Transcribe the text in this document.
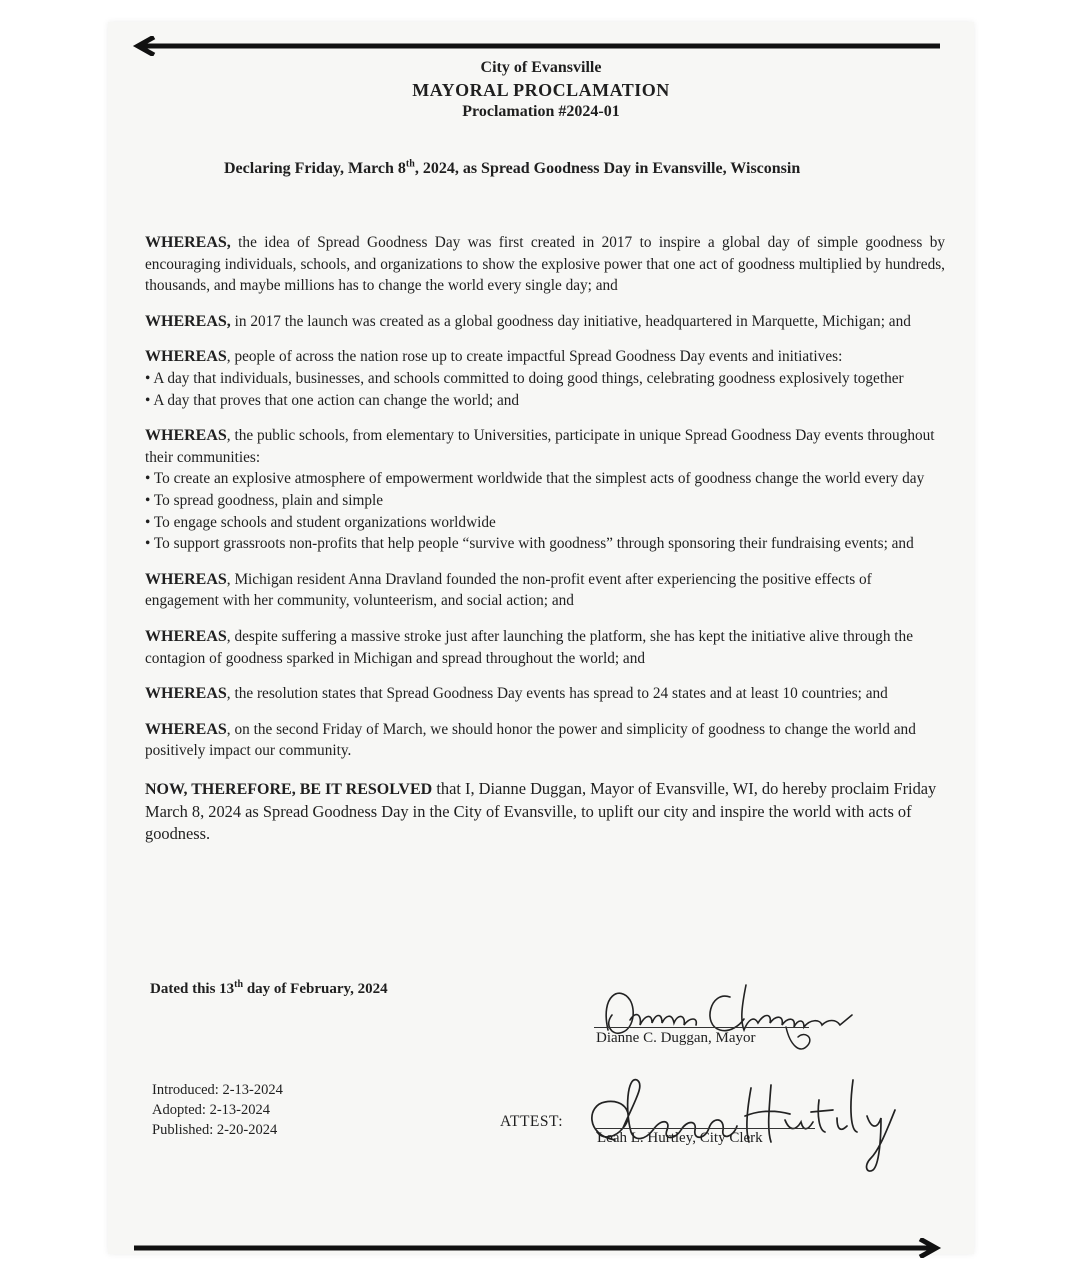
City of Evansville
MAYORAL PROCLAMATION
Proclamation #2024-01
Declaring Friday, March 8th, 2024, as Spread Goodness Day in Evansville, Wisconsin

WHEREAS, the idea of Spread Goodness Day was first created in 2017 to inspire a global day of simple goodness by encouraging individuals, schools, and organizations to show the explosive power that one act of goodness multiplied by hundreds, thousands, and maybe millions has to change the world every single day; and

WHEREAS, in 2017 the launch was created as a global goodness day initiative, headquartered in Marquette, Michigan; and

WHEREAS, people of across the nation rose up to create impactful Spread Goodness Day events and initiatives:
• A day that individuals, businesses, and schools committed to doing good things, celebrating goodness explosively together
• A day that proves that one action can change the world; and

WHEREAS, the public schools, from elementary to Universities, participate in unique Spread Goodness Day events throughout their communities:
• To create an explosive atmosphere of empowerment worldwide that the simplest acts of goodness change the world every day
• To spread goodness, plain and simple
• To engage schools and student organizations worldwide
• To support grassroots non-profits that help people “survive with goodness” through sponsoring their fundraising events; and

WHEREAS, Michigan resident Anna Dravland founded the non-profit event after experiencing the positive effects of engagement with her community, volunteerism, and social action; and

WHEREAS, despite suffering a massive stroke just after launching the platform, she has kept the initiative alive through the contagion of goodness sparked in Michigan and spread throughout the world; and

WHEREAS, the resolution states that Spread Goodness Day events has spread to 24 states and at least 10 countries; and

WHEREAS, on the second Friday of March, we should honor the power and simplicity of goodness to change the world and positively impact our community.

NOW, THEREFORE, BE IT RESOLVED that I, Dianne Duggan, Mayor of Evansville, WI, do hereby proclaim Friday March 8, 2024 as Spread Goodness Day in the City of Evansville, to uplift our city and inspire the world with acts of goodness.

Dated this 13th day of February, 2024
Dianne C. Duggan, Mayor
Introduced: 2-13-2024
Adopted: 2-13-2024
Published: 2-20-2024	ATTEST:
Leah L. Hurtley, City Clerk
